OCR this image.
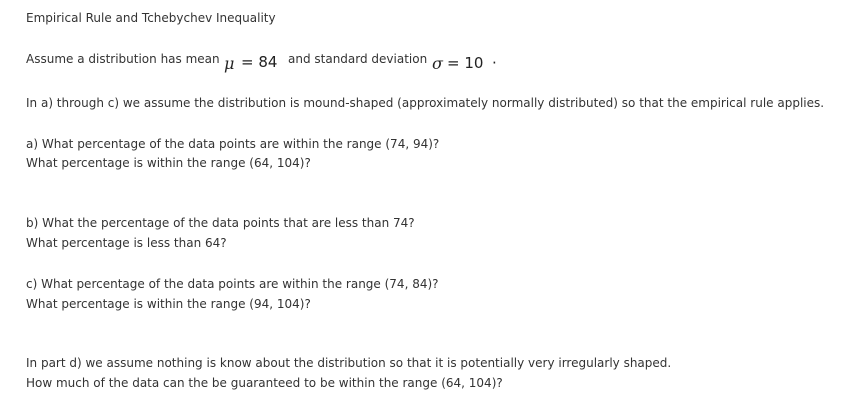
Empirical Rule and Tchebychev Inequality
Assume a distribution has mean μ = 84 and standard deviation σ = 10 ·
In a) through c) we assume the distribution is mound-shaped (approximately normally distributed) so that the empirical rule applies.
a) What percentage of the data points are within the range (74, 94)?
What percentage is within the range (64, 104)?
b) What the percentage of the data points that are less than 74?
What percentage is less than 64?
c) What percentage of the data points are within the range (74, 84)?
What percentage is within the range (94, 104)?
In part d) we assume nothing is know about the distribution so that it is potentially very irregularly shaped.
How much of the data can the be guaranteed to be within the range (64, 104)?
